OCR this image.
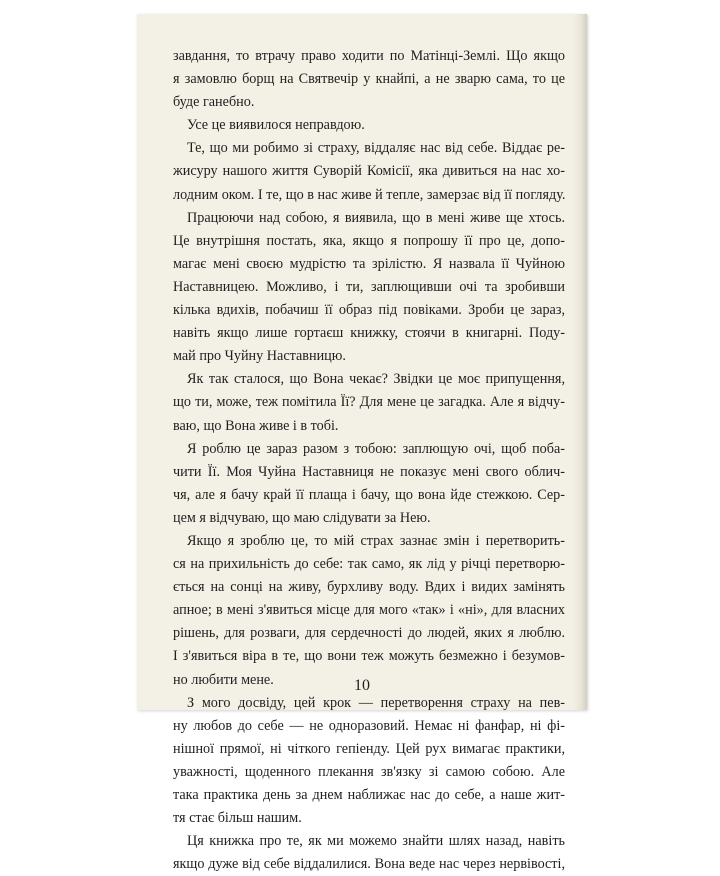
завдання, то втрачу право ходити по Матінці-Землі. Що якщо
я замовлю борщ на Святвечір у кнайпі, а не зварю сама, то це
буде ганебно.
Усе це виявилося неправдою.
Те, що ми робимо зі страху, віддаляє нас від себе. Віддає ре-
жисуру нашого життя Суворій Комісії, яка дивиться на нас хо-
лодним оком. І те, що в нас живе й тепле, замерзає від її погляду.
Працюючи над собою, я виявила, що в мені живе ще хтось.
Це внутрішня постать, яка, якщо я попрошу її про це, допо-
магає мені своєю мудрістю та зрілістю. Я назвала її Чуйною
Наставницею. Можливо, і ти, заплющивши очі та зробивши
кілька вдихів, побачиш її образ під повіками. Зроби це зараз,
навіть якщо лише гортаєш книжку, стоячи в книгарні. Поду-
май про Чуйну Наставницю.
Як так сталося, що Вона чекає? Звідки це моє припущення,
що ти, може, теж помітила Її? Для мене це загадка. Але я відчу-
ваю, що Вона живе і в тобі.
Я роблю це зараз разом з тобою: заплющую очі, щоб поба-
чити Її. Моя Чуйна Наставниця не показує мені свого облич-
чя, але я бачу край її плаща і бачу, що вона йде стежкою. Сер-
цем я відчуваю, що маю слідувати за Нею.
Якщо я зроблю це, то мій страх зазнає змін і перетворить-
ся на прихильність до себе: так само, як лід у річці перетворю-
ється на сонці на живу, бурхливу воду. Вдих і видих замінять
апное; в мені з'явиться місце для мого «так» і «ні», для власних
рішень, для розваги, для сердечності до людей, яких я люблю.
І з'явиться віра в те, що вони теж можуть безмежно і безумов-
но любити мене.
З мого досвіду, цей крок — перетворення страху на пев-
ну любов до себе — не одноразовий. Немає ні фанфар, ні фі-
нішної прямої, ні чіткого гепіенду. Цей рух вимагає практики,
уважності, щоденного плекання зв'язку зі самою собою. Але
така практика день за днем наближає нас до себе, а наше жит-
тя стає більш нашим.
Ця книжка про те, як ми можемо знайти шлях назад, навіть
якщо дуже від себе віддалилися. Вона веде нас через нервівості,
10
